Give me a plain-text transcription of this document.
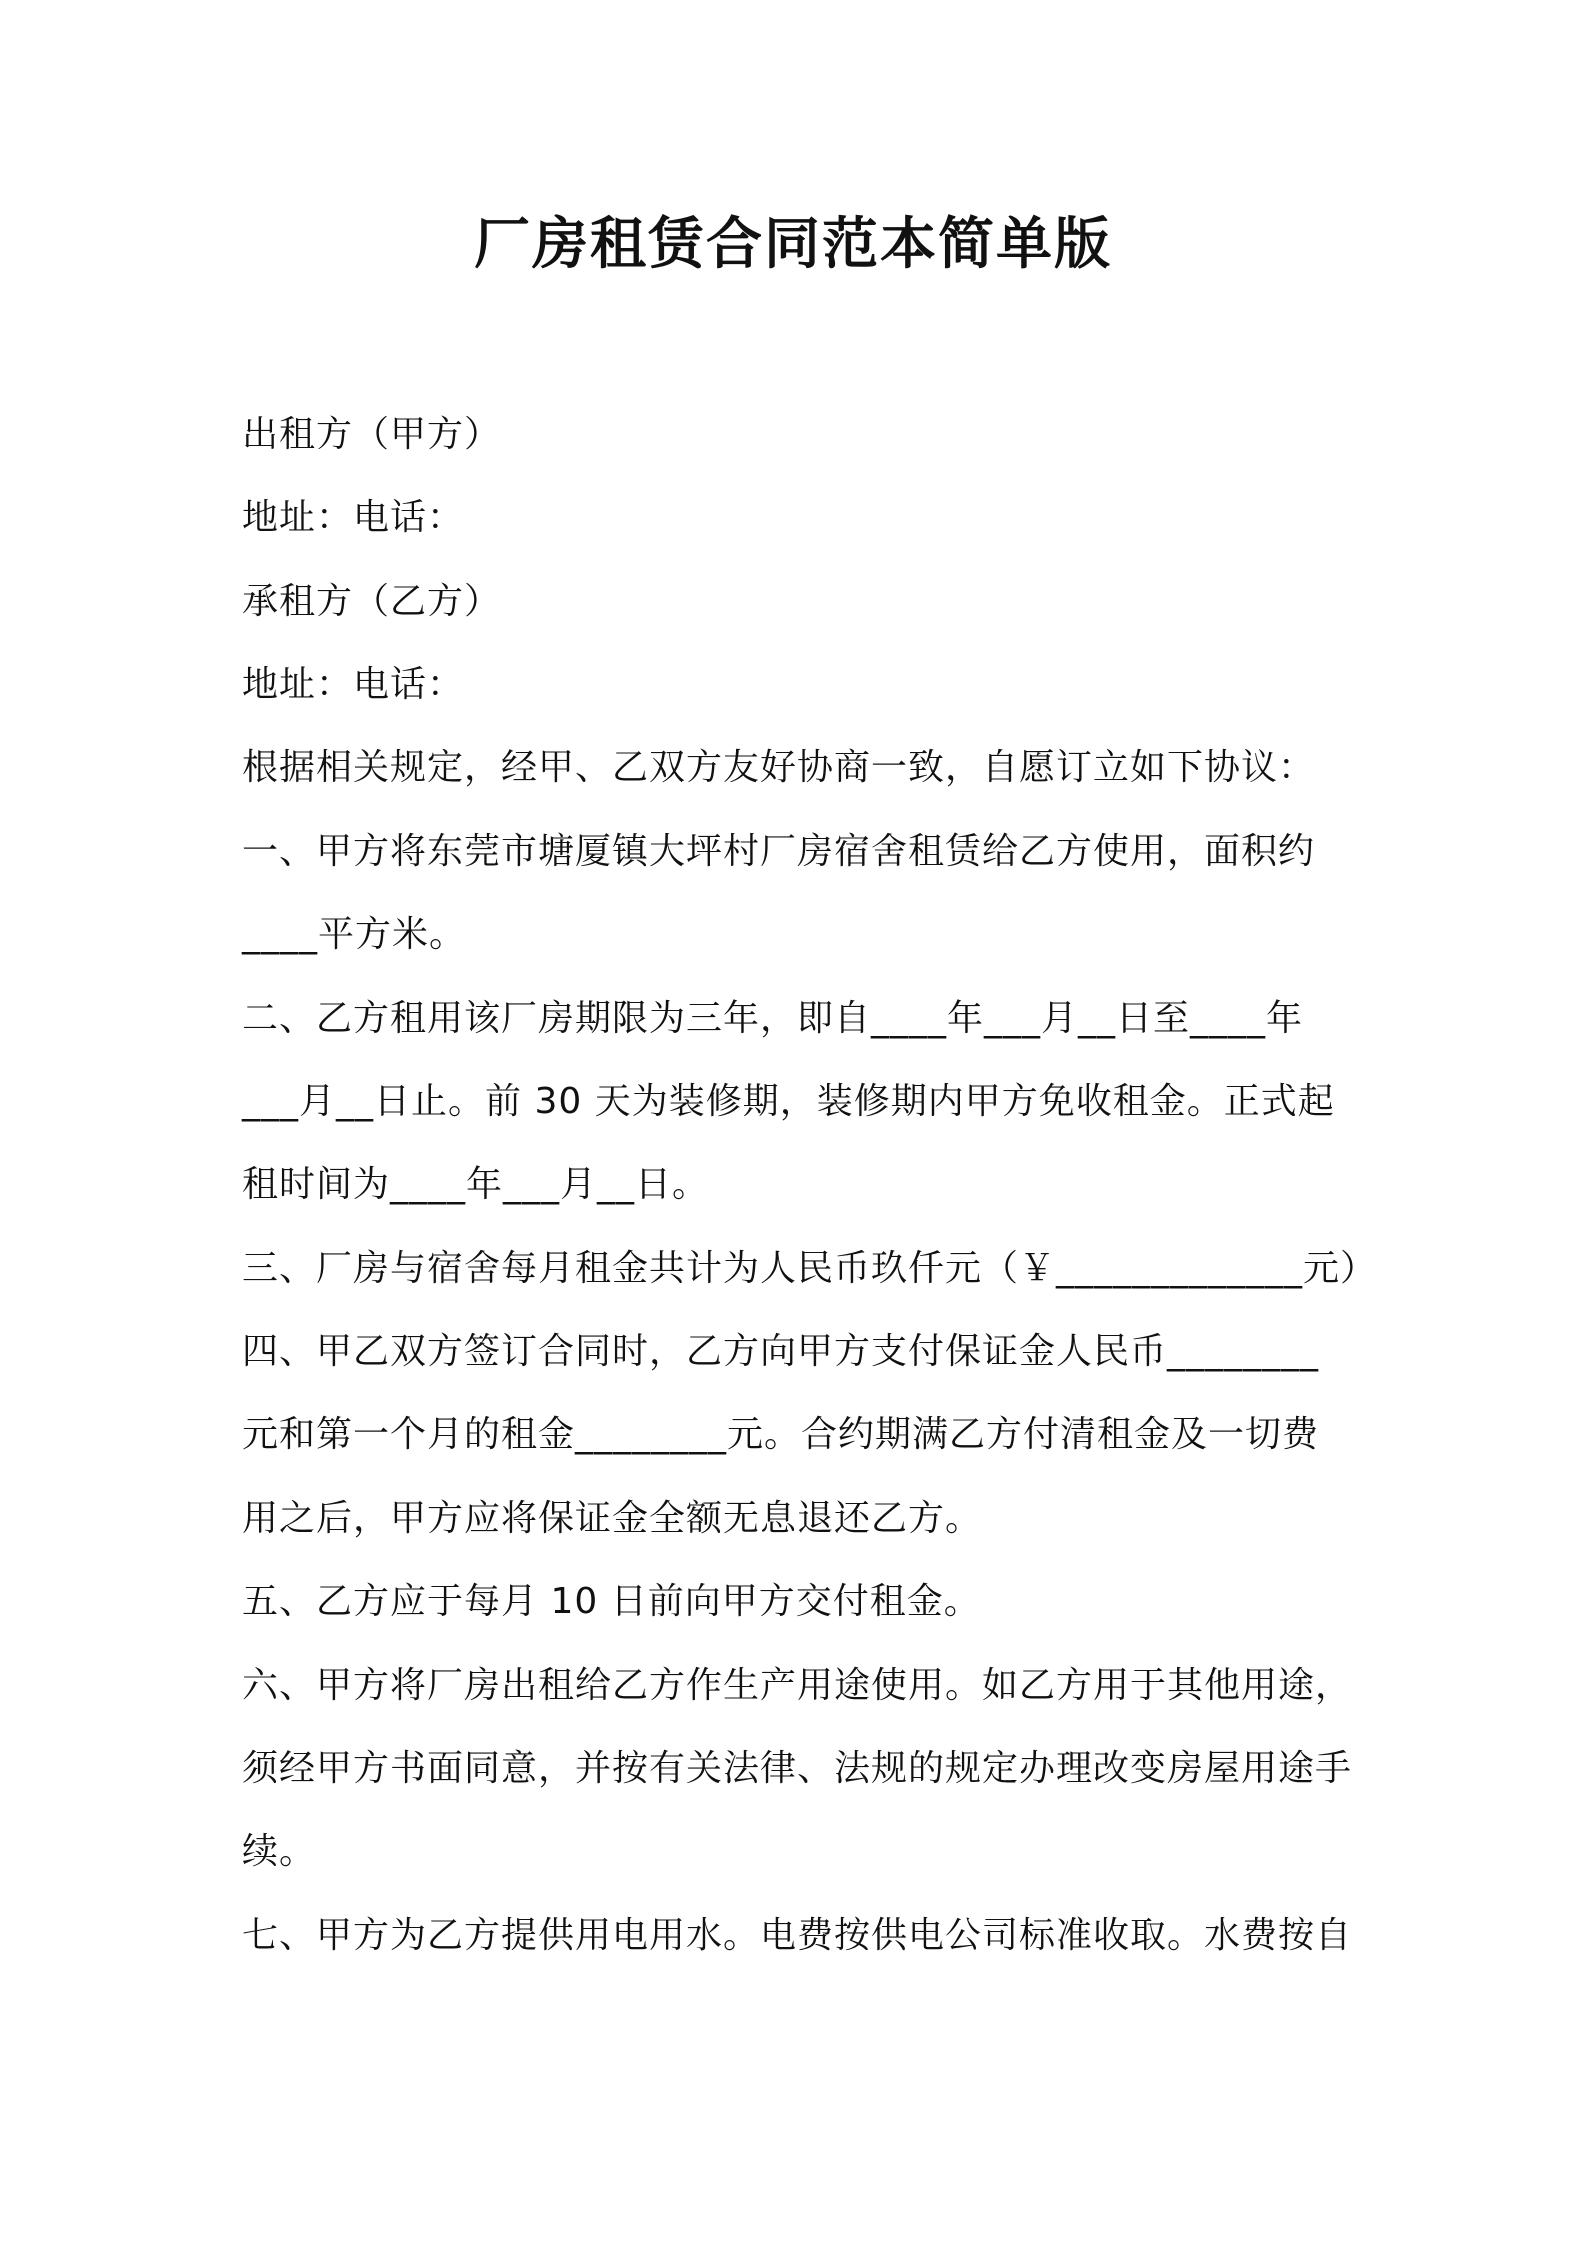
厂房租赁合同范本简单版
出租方（甲方）
地址：电话：
承租方（乙方）
地址：电话：
根据相关规定，经甲、乙双方友好协商一致，自愿订立如下协议：
一、甲方将东莞市塘厦镇大坪村厂房宿舍租赁给乙方使用，面积约
____平方米。
二、乙方租用该厂房期限为三年，即自____年___月__日至____年
___月__日止。前 30 天为装修期，装修期内甲方免收租金。正式起
租时间为____年___月__日。
三、厂房与宿舍每月租金共计为人民币玖仟元（￥_____________元）
四、甲乙双方签订合同时，乙方向甲方支付保证金人民币________
元和第一个月的租金________元。合约期满乙方付清租金及一切费
用之后，甲方应将保证金全额无息退还乙方。
五、乙方应于每月 10 日前向甲方交付租金。
六、甲方将厂房出租给乙方作生产用途使用。如乙方用于其他用途，
须经甲方书面同意，并按有关法律、法规的规定办理改变房屋用途手
续。
七、甲方为乙方提供用电用水。电费按供电公司标准收取。水费按自
